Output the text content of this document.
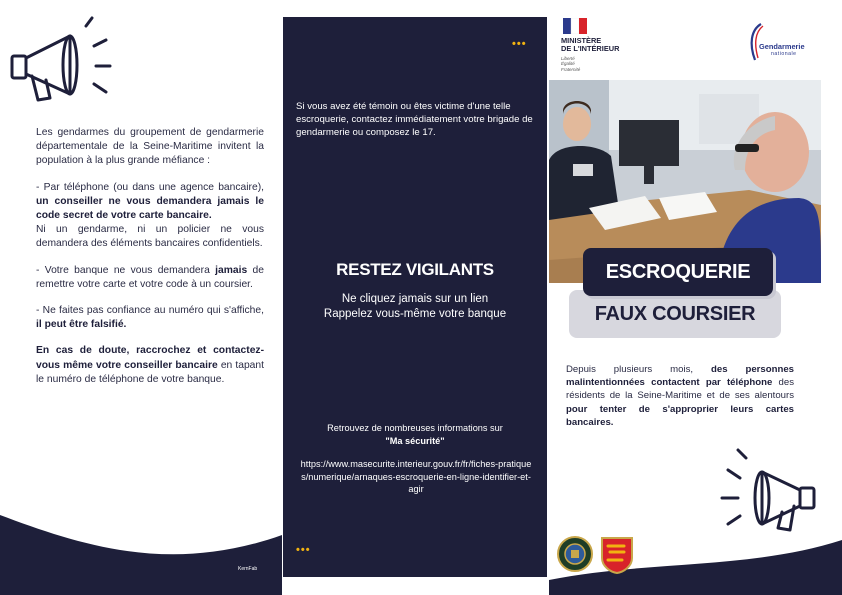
Les gendarmes du groupement de gendarmerie départementale de la Seine-Maritime invitent la population à la plus grande méfiance :

- Par téléphone (ou dans une agence bancaire), un conseiller ne vous demandera jamais le code secret de votre carte bancaire.
Ni un gendarme, ni un policier ne vous demandera des éléments bancaires confidentiels.

- Votre banque ne vous demandera jamais de remettre votre carte et votre code à un coursier.

- Ne faites pas confiance au numéro qui s'affiche, il peut être falsifié.

En cas de doute, raccrochez et contactez-vous même votre conseiller bancaire en tapant le numéro de téléphone de votre banque.

KernFab
•••
Si vous avez été témoin ou êtes victime d'une telle escroquerie, contactez immédiatement votre brigade de gendarmerie ou composez le 17.
RESTEZ VIGILANTS
Ne cliquez jamais sur un lien
Rappelez vous-même votre banque
Retrouvez de nombreuses informations sur
"Ma sécurité"
https://www.masecurite.interieur.gouv.fr/fr/fiches-pratiques/numerique/arnaques-escroquerie-en-ligne-identifier-et-agir
•••
MINISTÈRE
DE L'INTÉRIEUR
Liberté
Égalité
Fraternité
Gendarmerie
nationale
FAUX COURSIER
ESCROQUERIE
Depuis plusieurs mois, des personnes malintentionnées contactent par téléphone des résidents de la Seine-Maritime et de ses alentours pour tenter de s'approprier leurs cartes bancaires.
